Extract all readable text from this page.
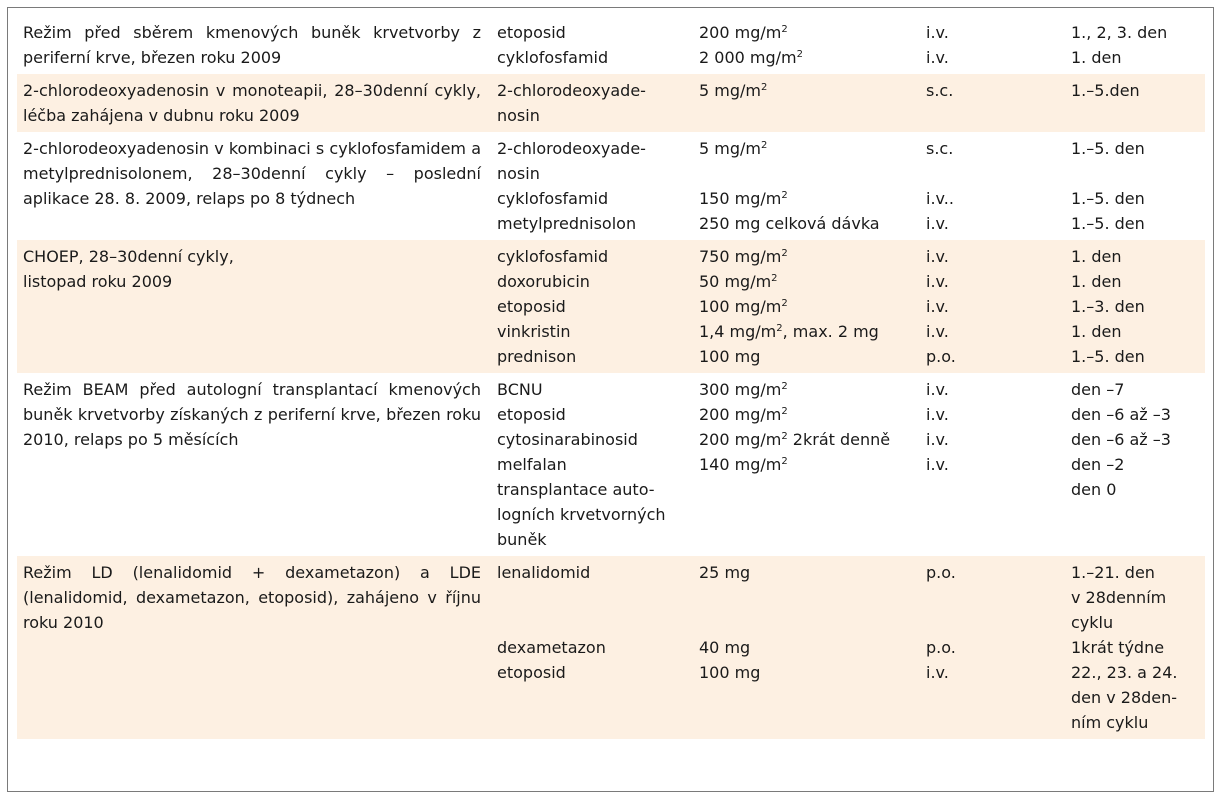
Režim před sběrem kmenových buněk krvetvorby z periferní krve, březen roku 2009	etoposid	200 $mg/m^2$	i.v.	1., 2, 3. den

	cyklofosfamid	2 000 $mg/m^2$	i.v.	1. den

2-chlorodeoxyadenosin v monoteapii, 28–30denní cykly, léčba zahájena v dubnu roku 2009	2-chlorodeoxyade-
nosin	5 $mg/m^2$	s.c.	1.–5.den

2-chlorodeoxyadenosin v kombinaci s cyklofosfamidem a metylprednisolonem, 28–30denní cykly – poslední aplikace 28. 8. 2009, relaps po 8 týdnech	2-chlorodeoxyade-
nosin	5 $mg/m^2$	s.c.	1.–5. den

	cyklofosfamid	150 $mg/m^2$	i.v..	1.–5. den

	metylprednisolon	250 mg celková dávka	i.v.	1.–5. den

CHOEP, 28–30denní cykly,
listopad roku 2009	cyklofosfamid	750 $mg/m^2$	i.v.	1. den

	doxorubicin	50 $mg/m^2$	i.v.	1. den

	etoposid	100 $mg/m^2$	i.v.	1.–3. den

	vinkristin	1,4 $mg/m^2$, max. 2 mg	i.v.	1. den

	prednison	100 mg	p.o.	1.–5. den

Režim BEAM před autologní transplantací kmenových buněk krvetvorby získaných z periferní krve, březen roku 2010, relaps po 5 měsících	BCNU	300 $mg/m^2$	i.v.	den –7

	etoposid	200 $mg/m^2$	i.v.	den –6 až –3

	cytosinarabinosid	200 $mg/m^2$ 2krát denně	i.v.	den –6 až –3

	melfalan	140 $mg/m^2$	i.v.	den –2

	transplantace auto-
logních krvetvorných
buněk			den 0

Režim LD (lenalidomid + dexametazon) a LDE (lenalidomid, dexametazon, etoposid), zahájeno v říjnu roku 2010	lenalidomid	25 mg	p.o.	1.–21. den
v 28denním
cyklu

	dexametazon	40 mg	p.o.	1krát týdne

	etoposid	100 mg	i.v.	22., 23. a 24.
den v 28den-
ním cyklu
